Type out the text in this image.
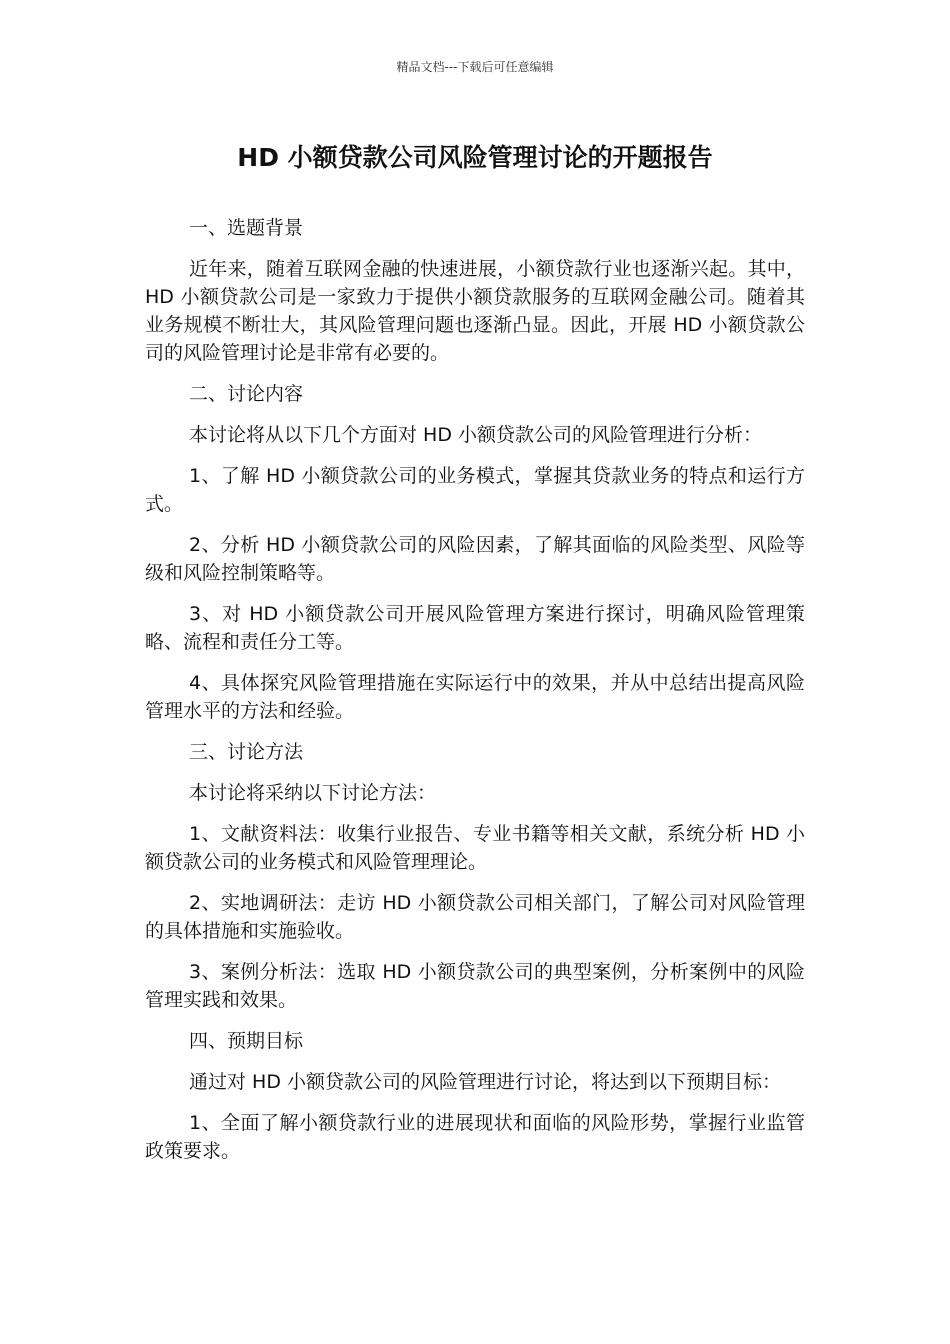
精品文档---下载后可任意编辑
HD 小额贷款公司风险管理讨论的开题报告

一、选题背景

近年来，随着互联网金融的快速进展，小额贷款行业也逐渐兴起。其中，HD 小额贷款公司是一家致力于提供小额贷款服务的互联网金融公司。随着其业务规模不断壮大，其风险管理问题也逐渐凸显。因此，开展 HD 小额贷款公司的风险管理讨论是非常有必要的。

二、讨论内容

本讨论将从以下几个方面对 HD 小额贷款公司的风险管理进行分析：

1、了解 HD 小额贷款公司的业务模式，掌握其贷款业务的特点和运行方式。

2、分析 HD 小额贷款公司的风险因素，了解其面临的风险类型、风险等级和风险控制策略等。

3、对 HD 小额贷款公司开展风险管理方案进行探讨，明确风险管理策略、流程和责任分工等。

4、具体探究风险管理措施在实际运行中的效果，并从中总结出提高风险管理水平的方法和经验。

三、讨论方法

本讨论将采纳以下讨论方法：

1、文献资料法：收集行业报告、专业书籍等相关文献，系统分析 HD 小额贷款公司的业务模式和风险管理理论。

2、实地调研法：走访 HD 小额贷款公司相关部门，了解公司对风险管理的具体措施和实施验收。

3、案例分析法：选取 HD 小额贷款公司的典型案例，分析案例中的风险管理实践和效果。

四、预期目标

通过对 HD 小额贷款公司的风险管理进行讨论，将达到以下预期目标：

1、全面了解小额贷款行业的进展现状和面临的风险形势，掌握行业监管政策要求。
